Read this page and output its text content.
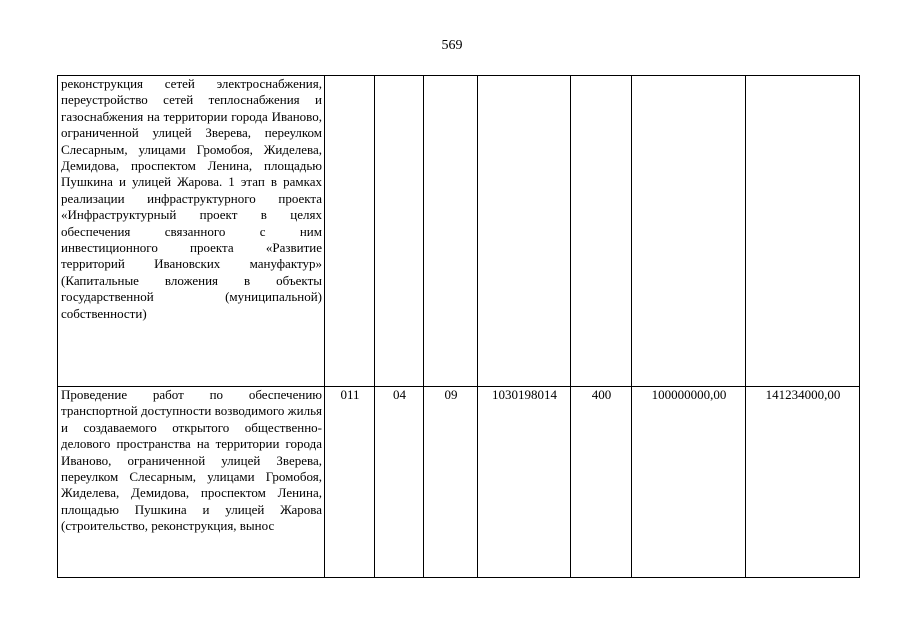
569
реконструкция сетей электроснабжения, переустройство сетей теплоснабжения и газоснабжения на территории города Иваново, ограниченной улицей Зверева, переулком Слесарным, улицами Громобоя, Жиделева, Демидова, проспектом Ленина, площадью Пушкина и улицей Жарова. 1 этап в рамках реализации инфраструктурного проекта «Инфраструктурный проект в целях обеспечения связанного с ним инвестиционного проекта «Развитие территорий Ивановских мануфактур» (Капитальные вложения в объекты государственной (муниципальной) собственности)							
Проведение работ по обеспечению транспортной доступности возводимого жилья и создаваемого открытого общественно-делового пространства на территории города Иваново, ограниченной улицей Зверева, переулком Слесарным, улицами Громобоя, Жиделева, Демидова, проспектом Ленина, площадью Пушкина и улицей Жарова (строительство, реконструкция, вынос	011	04	09	1030198014	400	100000000,00	141234000,00
